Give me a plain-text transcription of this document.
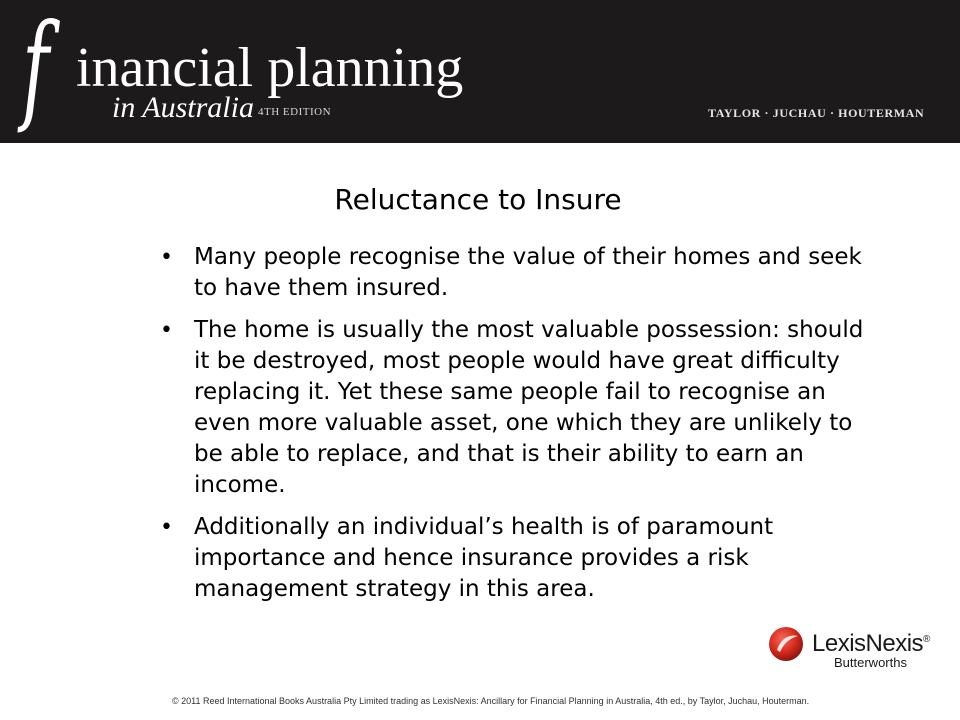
f inancial planning
in Australia 4TH EDITION	TAYLOR · JUCHAU · HOUTERMAN
Reluctance to Insure
• Many people recognise the value of their homes and seek to have them insured.
• The home is usually the most valuable possession: should it be destroyed, most people would have great difficulty replacing it. Yet these same people fail to recognise an even more valuable asset, one which they are unlikely to be able to replace, and that is their ability to earn an income.
• Additionally an individual’s health is of paramount importance and hence insurance provides a risk management strategy in this area.
LexisNexis®
Butterworths
© 2011 Reed International Books Australia Pty Limited trading as LexisNexis: Ancillary for Financial Planning in Australia, 4th ed., by Taylor, Juchau, Houterman.
